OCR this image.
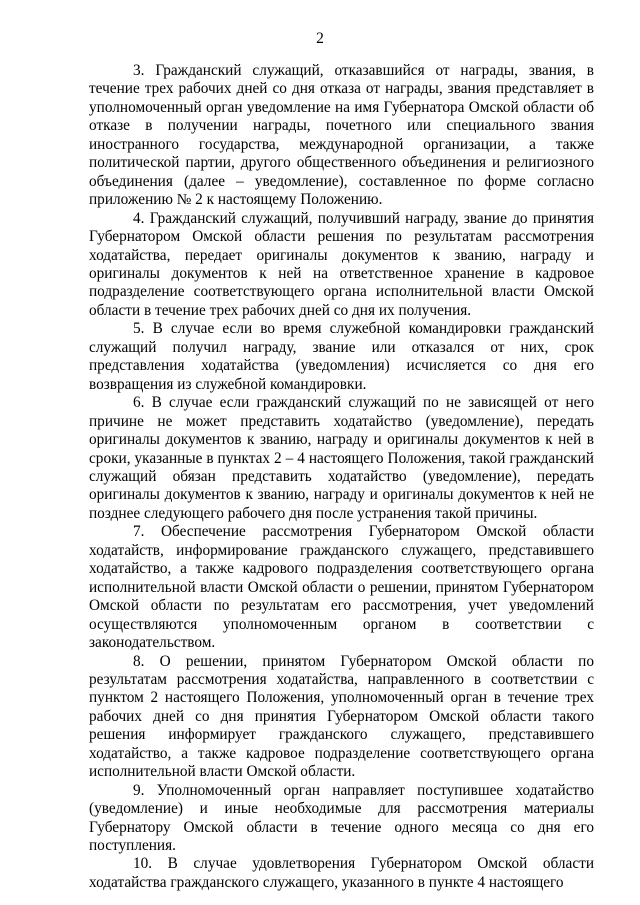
2

3. Гражданский служащий, отказавшийся от награды, звания, в течение трех рабочих дней со дня отказа от награды, звания представляет в уполномоченный орган уведомление на имя Губернатора Омской области об отказе в получении награды, почетного или специального звания иностранного государства, международной организации, а также политической партии, другого общественного объединения и религиозного объединения (далее – уведомление), составленное по форме согласно приложению № 2 к настоящему Положению.

4. Гражданский служащий, получивший награду, звание до принятия Губернатором Омской области решения по результатам рассмотрения ходатайства, передает оригиналы документов к званию, награду и оригиналы документов к ней на ответственное хранение в кадровое подразделение соответствующего органа исполнительной власти Омской области в течение трех рабочих дней со дня их получения.

5. В случае если во время служебной командировки гражданский служащий получил награду, звание или отказался от них, срок представления ходатайства (уведомления) исчисляется со дня его возвращения из служебной командировки.

6. В случае если гражданский служащий по не зависящей от него причине не может представить ходатайство (уведомление), передать оригиналы документов к званию, награду и оригиналы документов к ней в сроки, указанные в пунктах 2 – 4 настоящего Положения, такой гражданский служащий обязан представить ходатайство (уведомление), передать оригиналы документов к званию, награду и оригиналы документов к ней не позднее следующего рабочего дня после устранения такой причины.

7. Обеспечение рассмотрения Губернатором Омской области ходатайств, информирование гражданского служащего, представившего ходатайство, а также кадрового подразделения соответствующего органа исполнительной власти Омской области о решении, принятом Губернатором Омской области по результатам его рассмотрения, учет уведомлений осуществляются уполномоченным органом в соответствии с законодательством.

8. О решении, принятом Губернатором Омской области по результатам рассмотрения ходатайства, направленного в соответствии с пунктом 2 настоящего Положения, уполномоченный орган в течение трех рабочих дней со дня принятия Губернатором Омской области такого решения информирует гражданского служащего, представившего ходатайство, а также кадровое подразделение соответствующего органа исполнительной власти Омской области.

9. Уполномоченный орган направляет поступившее ходатайство (уведомление) и иные необходимые для рассмотрения материалы Губернатору Омской области в течение одного месяца со дня его поступления.

10. В случае удовлетворения Губернатором Омской области ходатайства гражданского служащего, указанного в пункте 4 настоящего
